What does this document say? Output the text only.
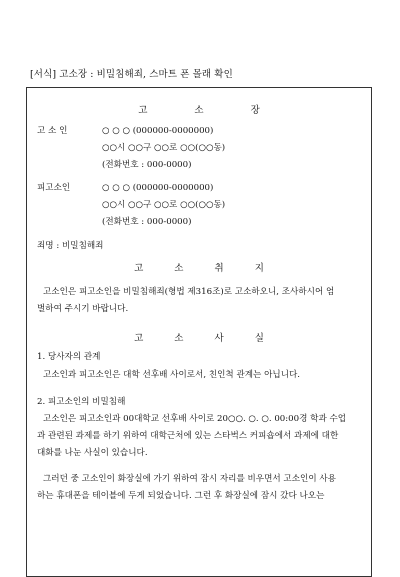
[서식] 고소장 : 비밀침해죄, 스마트 폰 몰래 확인
고 소 장
고 소 인	○ ○ ○ (000000-0000000)
○○시 ○○구 ○○로 ○○(○○동)
(전화번호 : 000-0000)
피고소인	○ ○ ○ (000000-0000000)
○○시 ○○구 ○○로 ○○(○○동)
(전화번호 : 000-0000)
죄명 : 비밀침해죄
고 소 취 지
고소인은 피고소인을 비밀침해죄(형법 제316조)로 고소하오니, 조사하시어 엄
벌하여 주시기 바랍니다.
고 소 사 실
1. 당사자의 관계
고소인과 피고소인은 대학 선후배 사이로서, 친인척 관계는 아닙니다.
2. 피고소인의 비밀침해
고소인은 피고소인과 00대학교 선후배 사이로 20○○. ○. ○. 00:00경 학과 수업
과 관련된 과제를 하기 위하여 대학근처에 있는 스타벅스 커피숍에서 과제에 대한
대화를 나눈 사실이 있습니다.
그러던 중 고소인이 화장실에 가기 위하여 잠시 자리를 비우면서 고소인이 사용
하는 휴대폰을 테이블에 두게 되었습니다. 그런 후 화장실에 잠시 갔다 나오는
